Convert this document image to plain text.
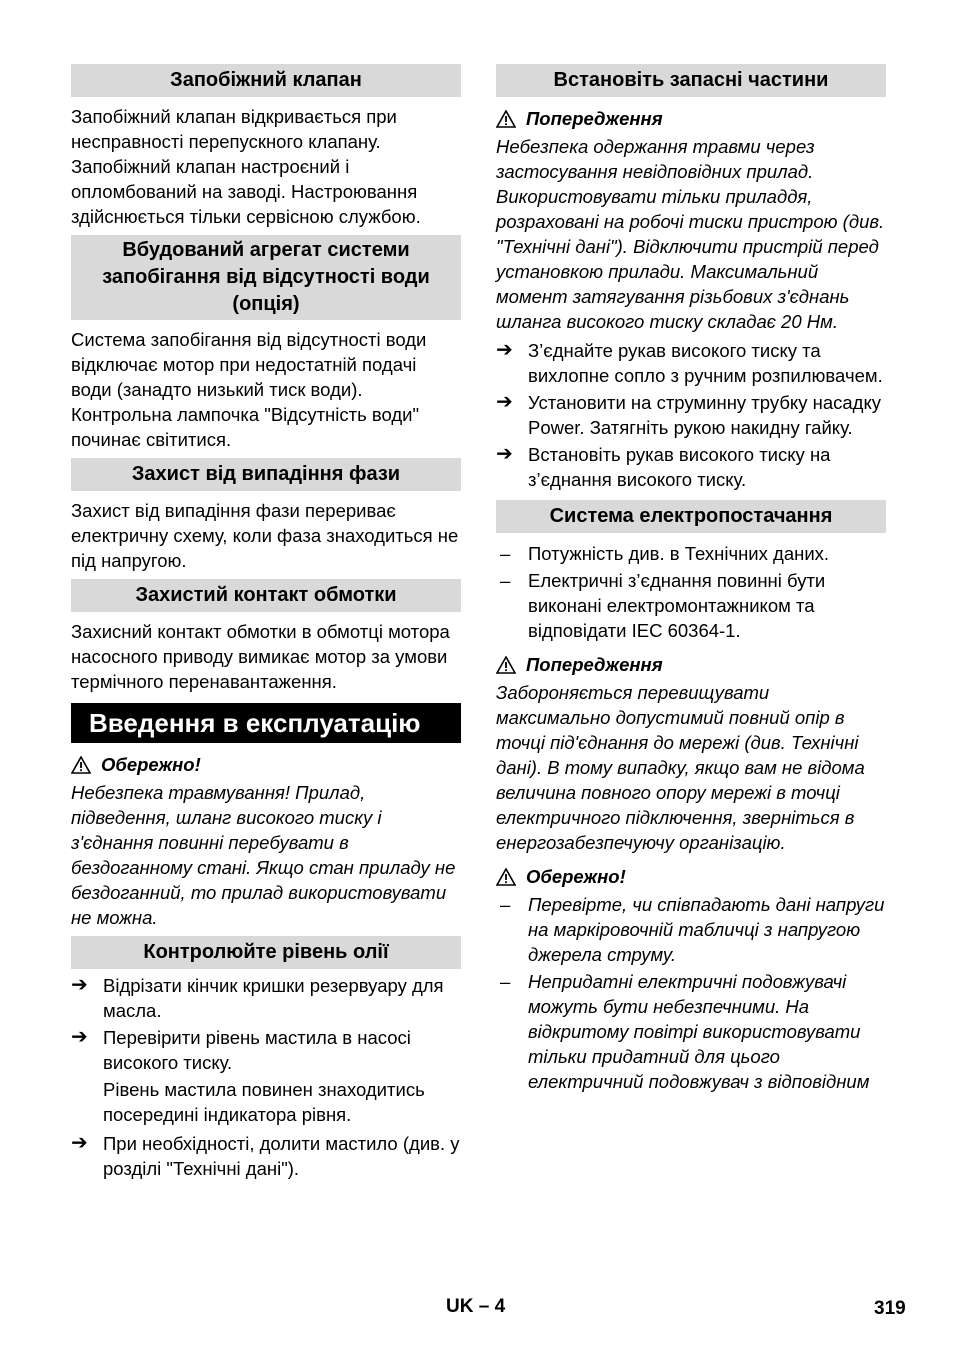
Запобіжний клапан
Запобіжний клапан відкривається при несправності перепускного клапану. Запобіжний клапан настроєний і опломбований на заводі. Настроювання здійснюється тільки сервісною службою.
Вбудований агрегат системи запобігання від відсутності води (опція)
Система запобігання від відсутності води відключає мотор при недостатній подачі води (занадто низький тиск води). Контрольна лампочка "Відсутність води" починає світитися.
Захист від випадіння фази
Захист від випадіння фази перериває електричну схему, коли фаза знаходиться не під напругою.
Захистий контакт обмотки
Захисний контакт обмотки в обмотці мотора насосного приводу вимикає мотор за умови термічного перенавантаження.
Введення в експлуатацію
Обережно!
Небезпека травмування! Прилад, підведення, шланг високого тиску і з'єднання повинні перебувати в бездоганному стані. Якщо стан приладу не бездоганний, то прилад використовувати не можна.
Контролюйте рівень олії
➔ Відрізати кінчик кришки резервуару для масла.
➔ Перевірити рівень мастила в насосі високого тиску.
Рівень мастила повинен знаходитись посередині індикатора рівня.
➔ При необхідності, долити мастило (див. у розділі "Технічні дані").
Встановіть запасні частини
Попередження
Небезпека одержання травми через застосування невідповідних прилад. Використовувати тільки приладдя, розраховані на робочі тиски пристрою (див. "Технічні дані"). Відключити пристрій перед установкою прилади. Максимальний момент затягування різьбових з'єднань шланга високого тиску складає 20 Нм.
➔ З’єднайте рукав високого тиску та вихлопне сопло з ручним розпилювачем.
➔ Установити на струминну трубку насадку Power. Затягніть рукою накидну гайку.
➔ Встановіть рукав високого тиску на з’єднання високого тиску.
Система електропостачання
– Потужність див. в Технічних даних.
– Електричні з’єднання повинні бути виконані електромонтажником та відповідати IEC 60364-1.
Попередження
Забороняється перевищувати максимально допустимий повний опір в точці під'єднання до мережі (див. Технічні дані). В тому випадку, якщо вам не відома величина повного опору мережі в точці електричного підключення, зверніться в енергозабезпечуючу організацію.
Обережно!
– Перевірте, чи співпадають дані напруги на маркіровочній табличці з напругою джерела струму.
– Непридатні електричні подовжувачі можуть бути небезпечними. На відкритому повітрі використовувати тільки придатний для цього електричний подовжувач з відповідним
UK – 4	319
